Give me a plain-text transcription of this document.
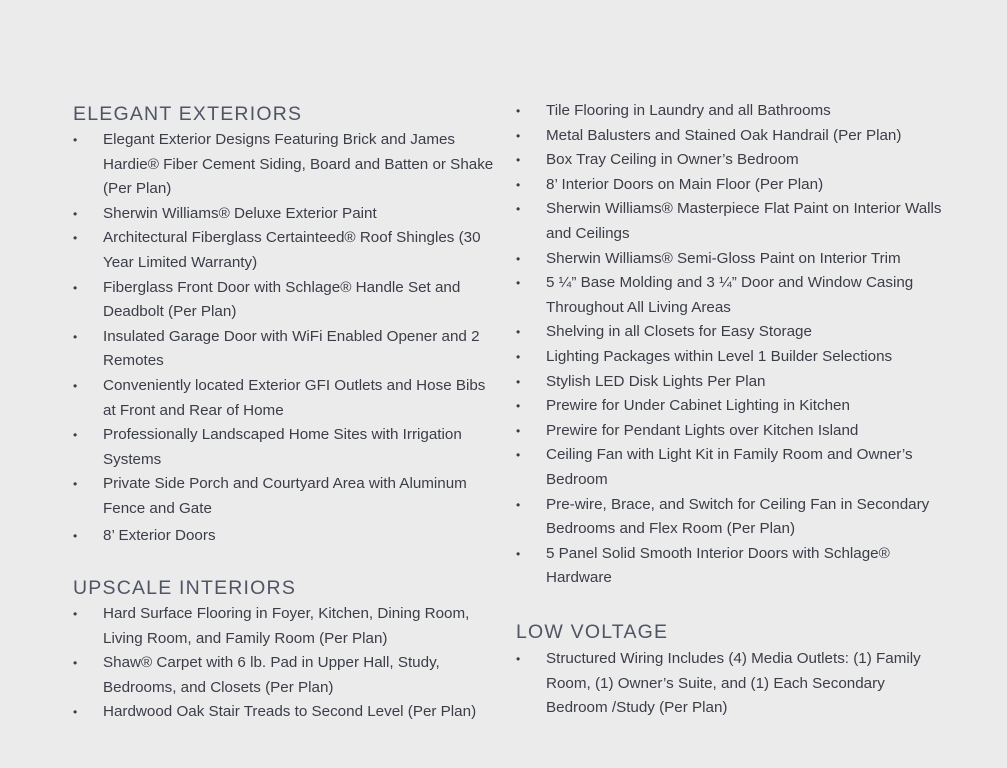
ELEGANT EXTERIORS
• Elegant Exterior Designs Featuring Brick and James Hardie® Fiber Cement Siding, Board and Batten or Shake (Per Plan)
• Sherwin Williams® Deluxe Exterior Paint
• Architectural Fiberglass Certainteed® Roof Shingles (30 Year Limited Warranty)
• Fiberglass Front Door with Schlage® Handle Set and Deadbolt (Per Plan)
• Insulated Garage Door with WiFi Enabled Opener and 2 Remotes
• Conveniently located Exterior GFI Outlets and Hose Bibs at Front and Rear of Home
• Professionally Landscaped Home Sites with Irrigation Systems
• Private Side Porch and Courtyard Area with Aluminum Fence and Gate
• 8’ Exterior Doors
UPSCALE INTERIORS
• Hard Surface Flooring in Foyer, Kitchen, Dining Room, Living Room, and Family Room (Per Plan)
• Shaw® Carpet with 6 lb. Pad in Upper Hall, Study, Bedrooms, and Closets (Per Plan)
• Hardwood Oak Stair Treads to Second Level (Per Plan)
• Tile Flooring in Laundry and all Bathrooms
• Metal Balusters and Stained Oak Handrail (Per Plan)
• Box Tray Ceiling in Owner’s Bedroom
• 8’ Interior Doors on Main Floor (Per Plan)
• Sherwin Williams® Masterpiece Flat Paint on Interior Walls and Ceilings
• Sherwin Williams® Semi-Gloss Paint on Interior Trim
• 5 ¼” Base Molding and 3 ¼” Door and Window Casing Throughout All Living Areas
• Shelving in all Closets for Easy Storage
• Lighting Packages within Level 1 Builder Selections
• Stylish LED Disk Lights Per Plan
• Prewire for Under Cabinet Lighting in Kitchen
• Prewire for Pendant Lights over Kitchen Island
• Ceiling Fan with Light Kit in Family Room and Owner’s Bedroom
• Pre-wire, Brace, and Switch for Ceiling Fan in Secondary Bedrooms and Flex Room (Per Plan)
• 5 Panel Solid Smooth Interior Doors with Schlage® Hardware
LOW VOLTAGE
• Structured Wiring Includes (4) Media Outlets: (1) Family Room, (1) Owner’s Suite, and (1) Each Secondary Bedroom /Study (Per Plan)
